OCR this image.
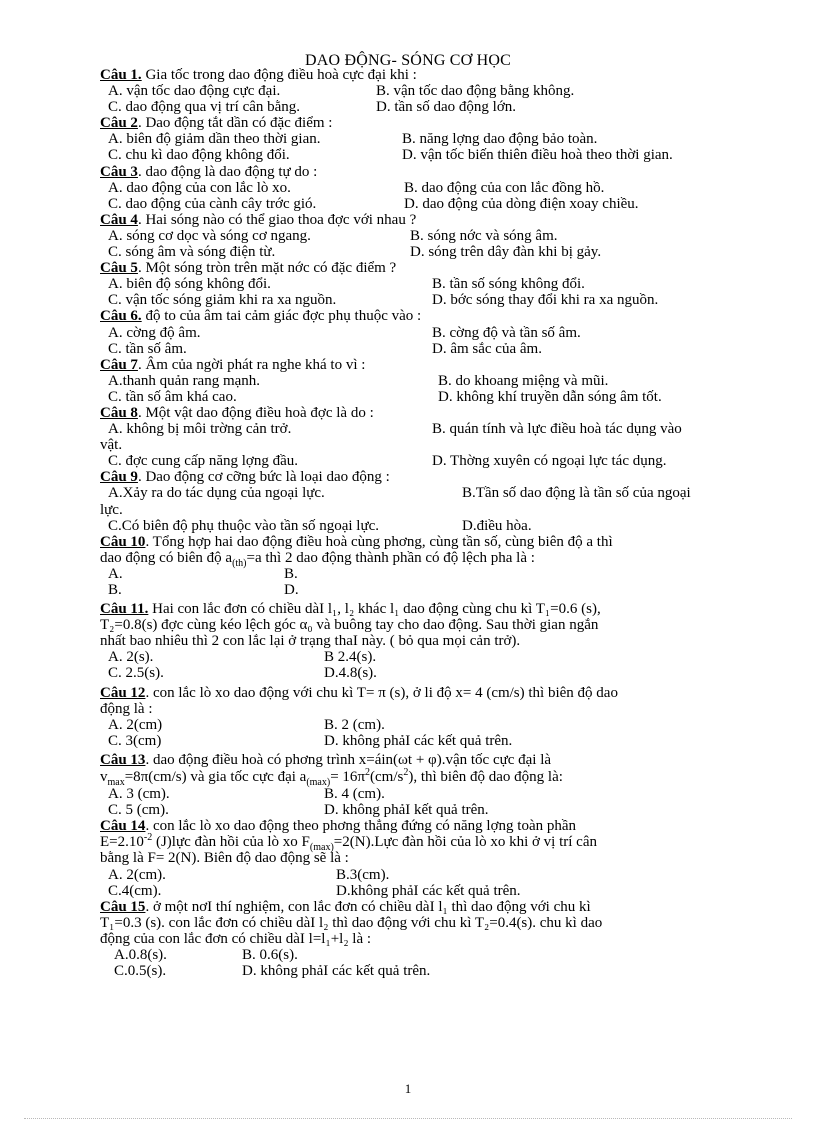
DAO ĐỘNG- SÓNG CƠ HỌC
Câu 1. Gia tốc trong dao động điều hoà cực đại khi :
A. vận tốc dao động cực đại.	B. vận tốc dao động bằng không.
C. dao động qua vị trí cân bằng.	D. tần số dao động lớn.
Câu 2. Dao động tắt dần có đặc điểm :
A. biên độ giảm dần theo thời gian.	B. năng lợng dao động bảo toàn.
C. chu kì dao động không đổi.	D. vận tốc biến thiên điều hoà theo thời gian.
Câu 3. dao động là dao động tự do :
A. dao động của con lắc lò xo.	B. dao động của con lắc đồng hồ.
C. dao động của cành cây trớc gió.	D. dao động của dòng điện xoay chiều.
Câu 4. Hai sóng nào có thể giao thoa đợc với nhau ?
A. sóng cơ dọc và sóng cơ ngang.	B. sóng nớc và sóng âm.
C. sóng âm và sóng điện từ.	D. sóng trên dây đàn khi bị gảy.
Câu 5. Một sóng tròn trên mặt nớc có đặc điểm ?
A. biên độ sóng không đổi.	B. tần số sóng không đổi.
C. vận tốc sóng giảm khi ra xa nguồn.	D. bớc sóng thay đổi khi ra xa nguồn.
Câu 6. độ to của âm tai cảm giác đợc phụ thuộc vào :
A. cờng độ âm.	B. cờng độ và tần số âm.
C. tần số âm.	D. âm sắc của âm.
Câu 7. Âm của ngời phát ra nghe khá to vì :
A.thanh quản rang mạnh.	B. do khoang miệng và mũi.
C. tần số âm khá cao.	D. không khí truyền dẫn sóng âm tốt.
Câu 8. Một vật dao động điều hoà đợc là do :
A. không bị môi trờng cản trở.	B. quán tính và lực điều hoà tác dụng vào
vật.
C. đợc cung cấp năng lợng đầu.	D. Thờng xuyên có ngoại lực tác dụng.
Câu 9. Dao động cơ cỡng bức là loại dao động :
A.Xảy ra do tác dụng của ngoại lực.	B.Tần số dao động là tần số của ngoại
lực.
C.Có biên độ phụ thuộc vào tần số ngoại lực.	D.điều hòa.
Câu 10. Tổng hợp hai dao động điều hoà cùng phơng, cùng tần số, cùng biên độ a thì
dao động có biên độ $a_{(th)}=a$ thì 2 dao động thành phần có độ lệch pha là :
A.	B.
B.	D.
Câu 11. Hai con lắc đơn có chiều dàI l₁, l₂ khác l₁ dao động cùng chu kì T₁=0.6 (s),
T₂=0.8(s) đợc cùng kéo lệch góc α₀ và buông tay cho dao động. Sau thời gian ngắn
nhất bao nhiêu thì 2 con lắc lại ở trạng thaI này. ( bỏ qua mọi cản trở).
A. 2(s).	B 2.4(s).
C. 2.5(s).	D.4.8(s).
Câu 12. con lắc lò xo dao động với chu kì T= π (s), ở li độ x= 4 (cm/s) thì biên độ dao
động là :
A. 2(cm)	B. 2 (cm).
C. 3(cm)	D. không phảI các kết quả trên.
Câu 13. dao động điều hoà có phơng trình x=áin(ωt + φ).vận tốc cực đại là
$v_{max}=8\pi(cm/s)$ và gia tốc cực đại $a_{(max)}= 16\pi^2(cm/s^2)$, thì biên độ dao động là:
A. 3 (cm).	B. 4 (cm).
C. 5 (cm).	D. không phảI kết quả trên.
Câu 14. con lắc lò xo dao động theo phơng thẳng đứng có năng lợng toàn phần
$E=2.10^{-2}$ (J)lực đàn hồi của lò xo $F_{(max)}=2(N).Lực$ đàn hồi của lò xo khi ở vị trí cân
bằng là F= 2(N). Biên độ dao động sẽ là :
A. 2(cm).	B.3(cm).
C.4(cm).	D.không phảI các kết quả trên.
Câu 15. ở một nơI thí nghiệm, con lắc đơn có chiều dàI l₁ thì dao động với chu kì
T₁=0.3 (s). con lắc đơn có chiều dàI l₂ thì dao động với chu kì T₂=0.4(s). chu kì dao
động của con lắc đơn có chiều dàI l=l₁+l₂ là :
A.0.8(s).	B. 0.6(s).
C.0.5(s).	D. không phảI các kết quả trên.
1
